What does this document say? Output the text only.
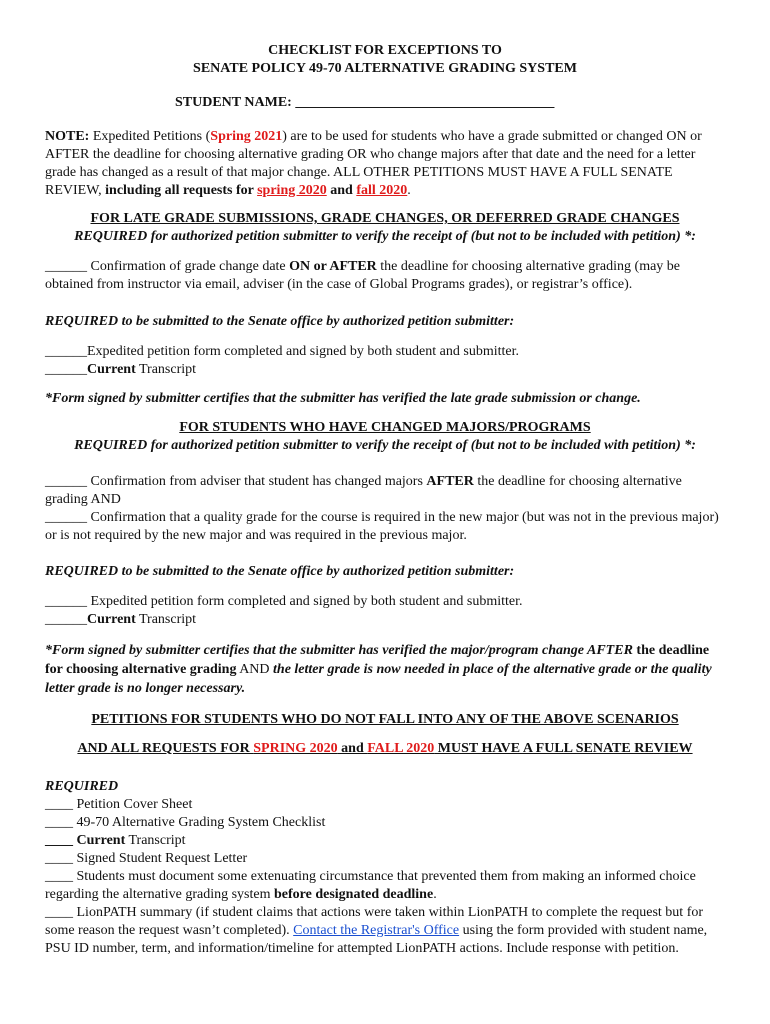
CHECKLIST FOR EXCEPTIONS TO

SENATE POLICY 49-70 ALTERNATIVE GRADING SYSTEM

STUDENT NAME: _____________________________________

NOTE: Expedited Petitions (Spring 2021) are to be used for students who have a grade submitted or changed ON or AFTER the deadline for choosing alternative grading OR who change majors after that date and the need for a letter grade has changed as a result of that major change. ALL OTHER PETITIONS MUST HAVE A FULL SENATE REVIEW, including all requests for spring 2020 and fall 2020.

FOR LATE GRADE SUBMISSIONS, GRADE CHANGES, OR DEFERRED GRADE CHANGES

REQUIRED for authorized petition submitter to verify the receipt of (but not to be included with petition) *:

______ Confirmation of grade change date ON or AFTER the deadline for choosing alternative grading (may be obtained from instructor via email, adviser (in the case of Global Programs grades), or registrar’s office).

REQUIRED to be submitted to the Senate office by authorized petition submitter:

______Expedited petition form completed and signed by both student and submitter.

______Current Transcript

*Form signed by submitter certifies that the submitter has verified the late grade submission or change.

FOR STUDENTS WHO HAVE CHANGED MAJORS/PROGRAMS

REQUIRED for authorized petition submitter to verify the receipt of (but not to be included with petition) *:

______ Confirmation from adviser that student has changed majors AFTER the deadline for choosing alternative grading AND

______ Confirmation that a quality grade for the course is required in the new major (but was not in the previous major) or is not required by the new major and was required in the previous major.

REQUIRED to be submitted to the Senate office by authorized petition submitter:

______ Expedited petition form completed and signed by both student and submitter.

______Current Transcript

*Form signed by submitter certifies that the submitter has verified the major/program change AFTER the deadline for choosing alternative grading AND the letter grade is now needed in place of the alternative grade or the quality letter grade is no longer necessary.

PETITIONS FOR STUDENTS WHO DO NOT FALL INTO ANY OF THE ABOVE SCENARIOS

AND ALL REQUESTS FOR SPRING 2020 and FALL 2020 MUST HAVE A FULL SENATE REVIEW

REQUIRED

____ Petition Cover Sheet

____ 49-70 Alternative Grading System Checklist

____ Current Transcript

____ Signed Student Request Letter

____ Students must document some extenuating circumstance that prevented them from making an informed choice regarding the alternative grading system before designated deadline.

____ LionPATH summary (if student claims that actions were taken within LionPATH to complete the request but for some reason the request wasn’t completed). Contact the Registrar's Office using the form provided with student name, PSU ID number, term, and information/timeline for attempted LionPATH actions. Include response with petition.
